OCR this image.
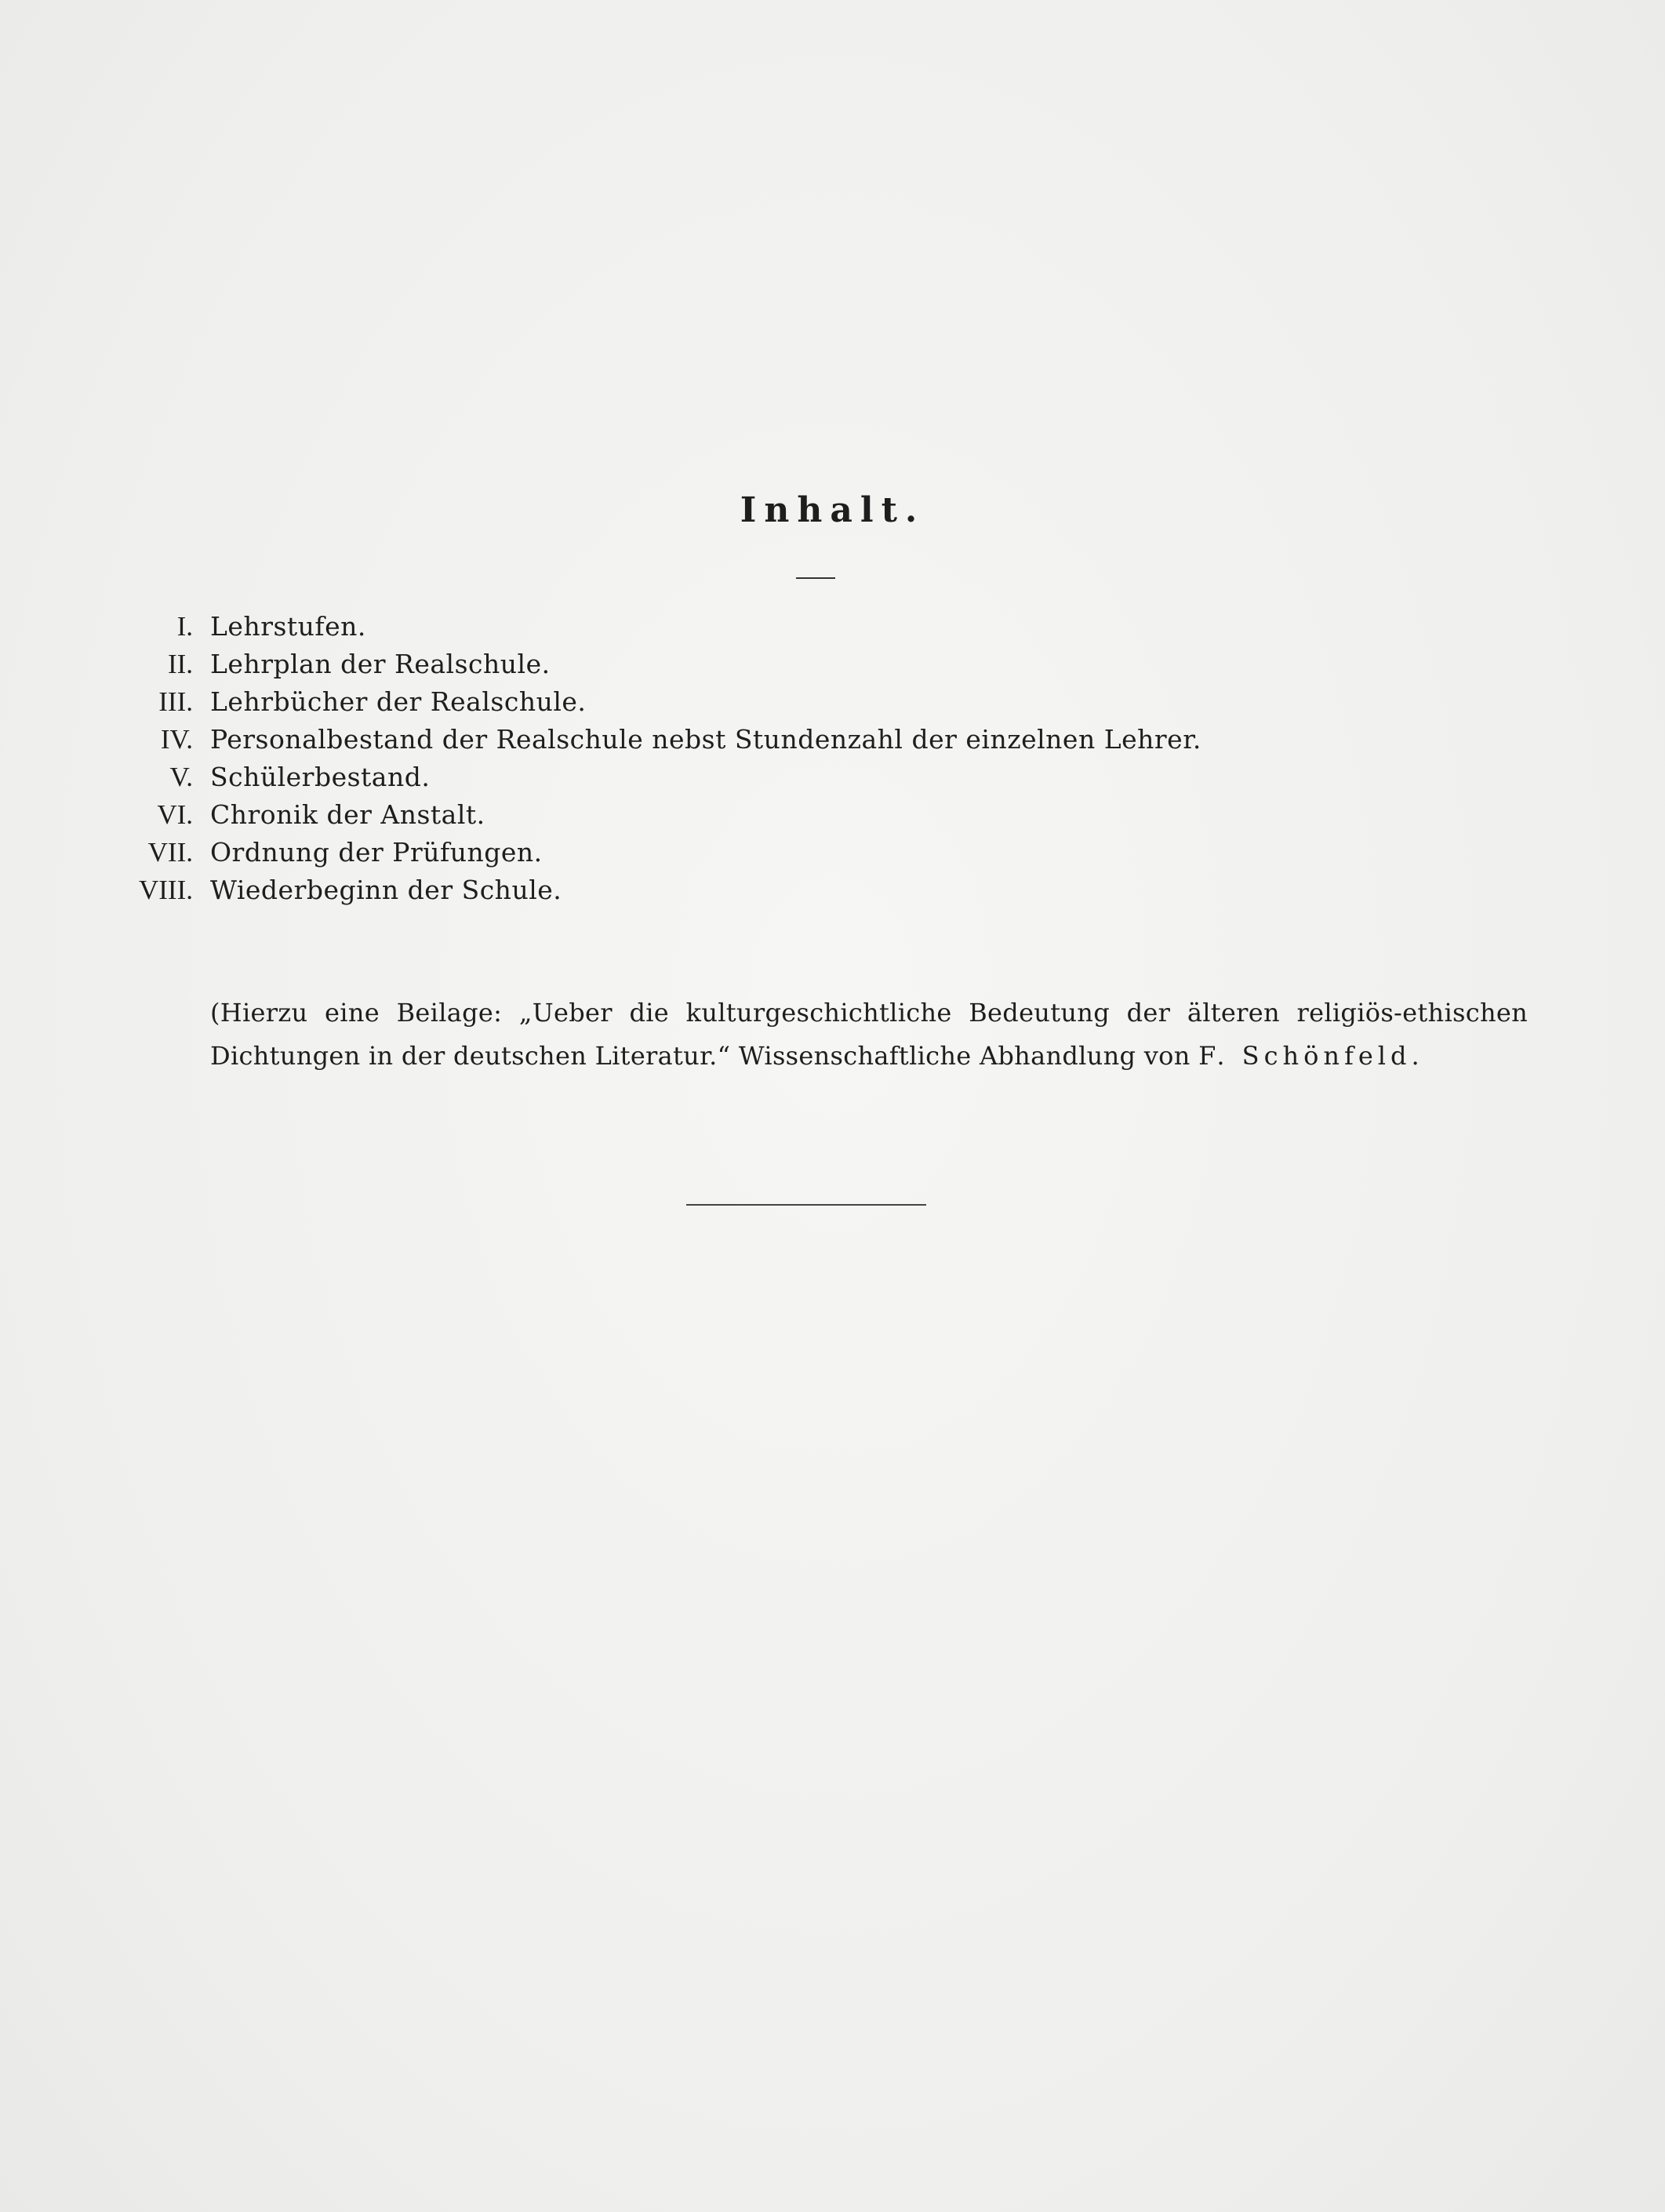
Inhalt.
I. Lehrstufen.
II. Lehrplan der Realschule.
III. Lehrbücher der Realschule.
IV. Personalbestand der Realschule nebst Stundenzahl der einzelnen Lehrer.
V. Schülerbestand.
VI. Chronik der Anstalt.
VII. Ordnung der Prüfungen.
VIII. Wiederbeginn der Schule.

(Hierzu eine Beilage: „Ueber die kulturgeschichtliche Bedeutung der älteren religiös-ethischen Dichtungen in der deutschen Literatur.“ Wissenschaftliche Abhandlung von F. Schönfeld.
